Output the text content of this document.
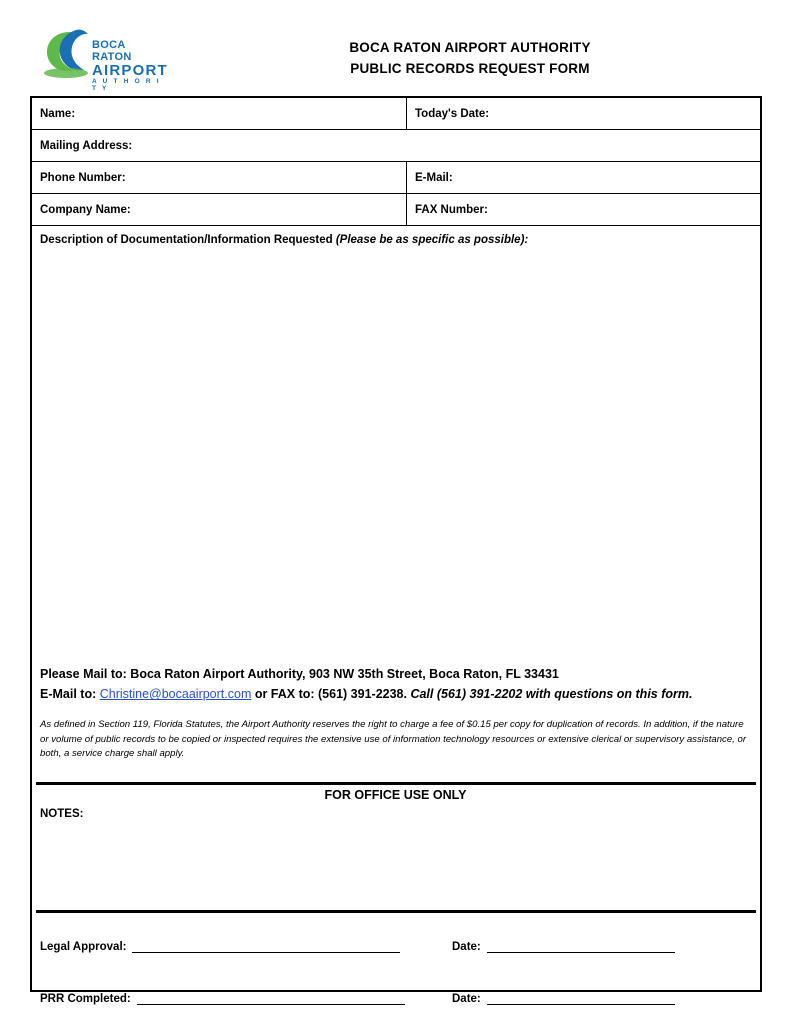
BOCA RATON
AIRPORT
A U T H O R I T Y
BOCA RATON AIRPORT AUTHORITY
PUBLIC RECORDS REQUEST FORM
Name:	Today's Date:
Mailing Address:
Phone Number:	E-Mail:
Company Name:	FAX Number:
Description of Documentation/Information Requested (Please be as specific as possible):
Please Mail to: Boca Raton Airport Authority, 903 NW 35th Street, Boca Raton, FL 33431
E-Mail to: Christine@bocaairport.com or FAX to: (561) 391-2238. Call (561) 391-2202 with questions on this form.
As defined in Section 119, Florida Statutes, the Airport Authority reserves the right to charge a fee of $0.15 per copy for duplication of records. In addition, if the nature or volume of public records to be copied or inspected requires the extensive use of information technology resources or extensive clerical or supervisory assistance, or both, a service charge shall apply.
FOR OFFICE USE ONLY
NOTES:
Legal Approval:	Date:
PRR Completed:	Date:
